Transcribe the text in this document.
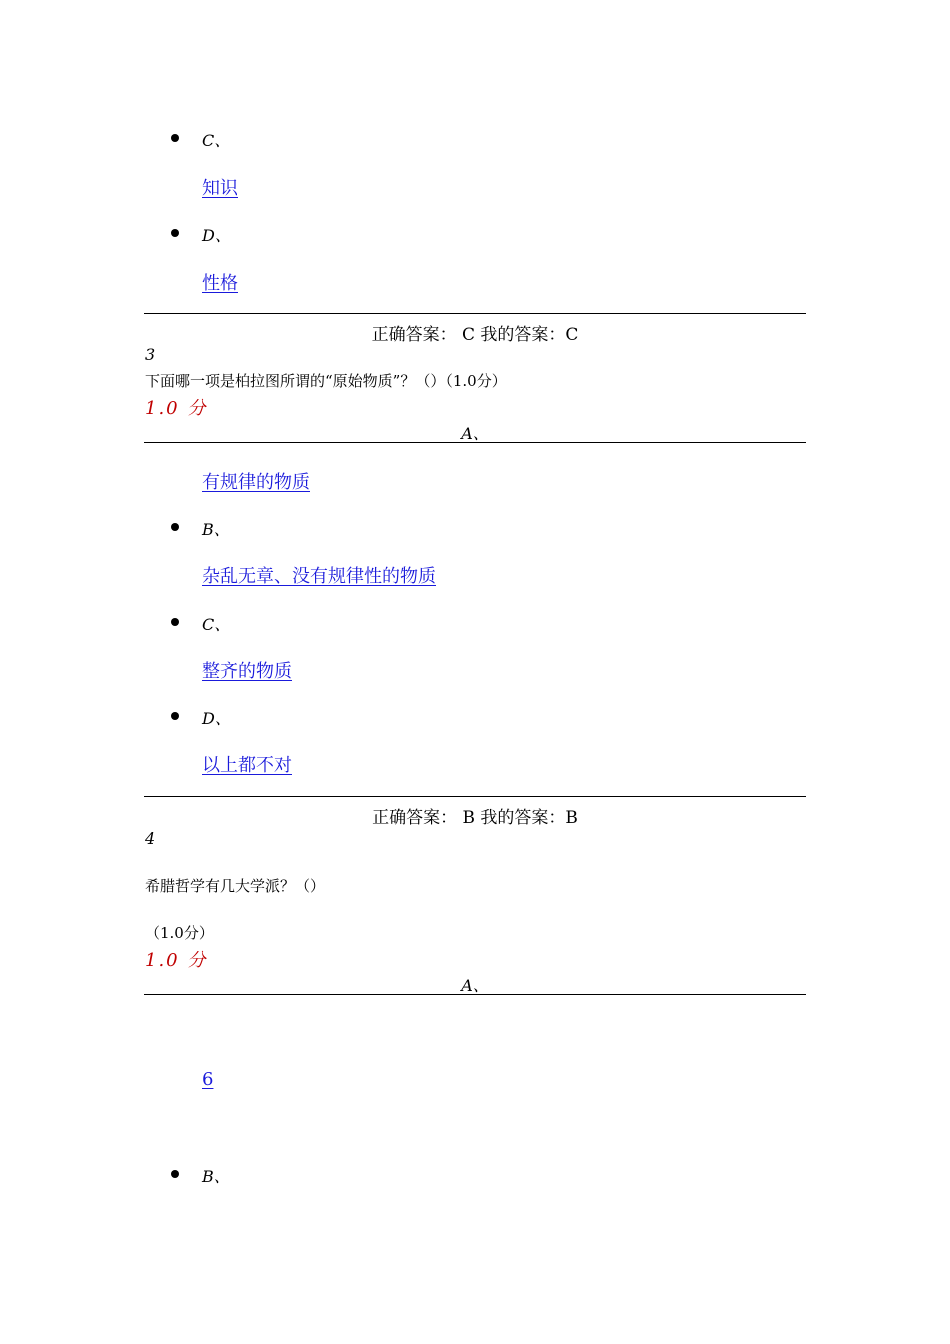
C、
知识
D、
性格
正确答案： C 我的答案：C
3
下面哪一项是柏拉图所谓的“原始物质”？（）（1.0分）
1.0 分
A、
有规律的物质
B、
杂乱无章、没有规律性的物质
C、
整齐的物质
D、
以上都不对
正确答案： B 我的答案：B
4
希腊哲学有几大学派？（）
（1.0分）
1.0 分
A、
6
B、
